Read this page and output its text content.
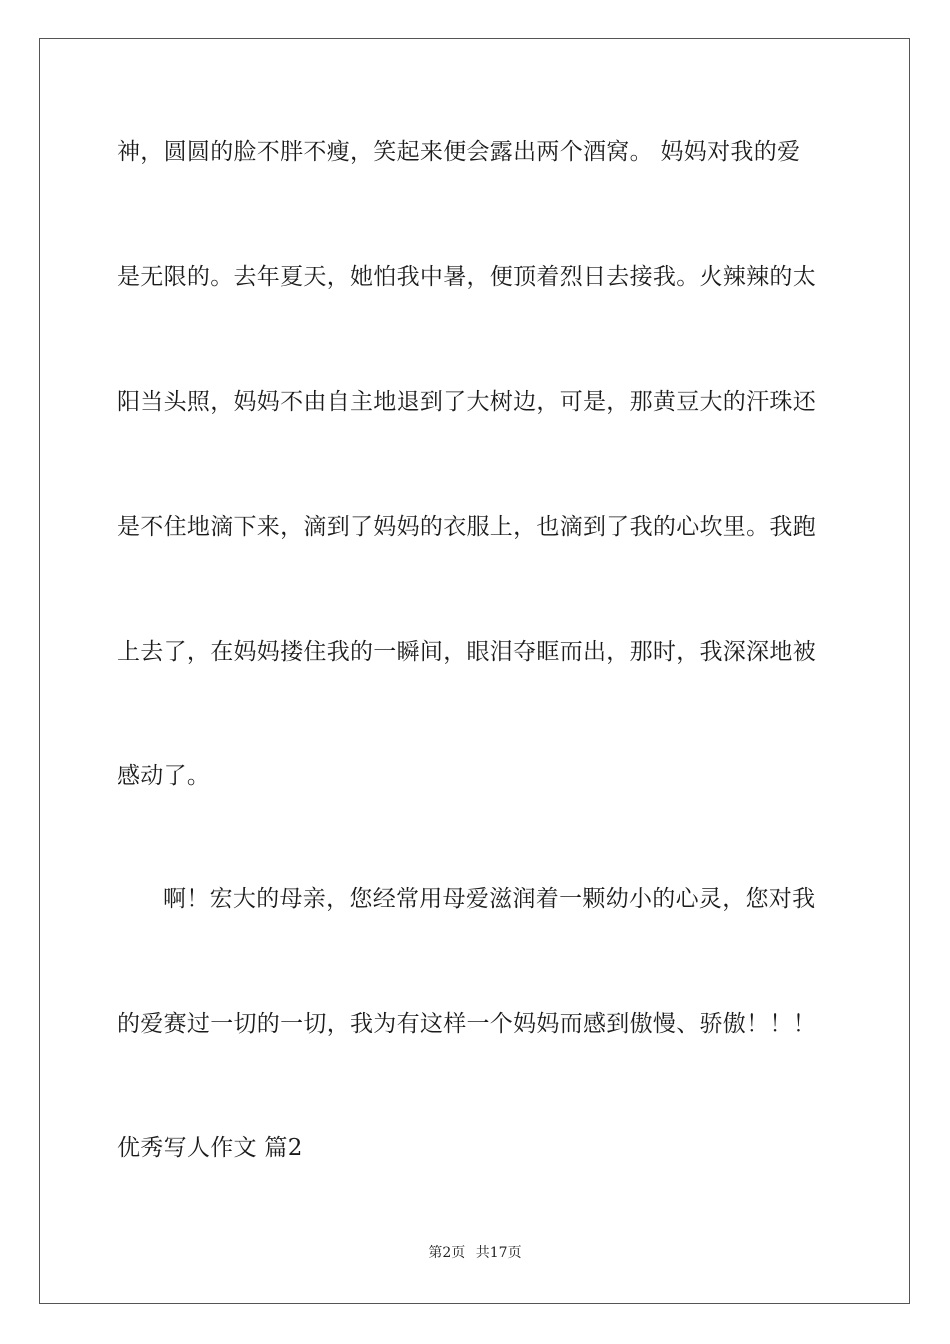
神，圆圆的脸不胖不瘦，笑起来便会露出两个酒窝。 妈妈对我的爱
是无限的。去年夏天，她怕我中暑，便顶着烈日去接我。火辣辣的太
阳当头照，妈妈不由自主地退到了大树边，可是，那黄豆大的汗珠还
是不住地滴下来，滴到了妈妈的衣服上，也滴到了我的心坎里。我跑
上去了，在妈妈搂住我的一瞬间，眼泪夺眶而出，那时，我深深地被
感动了。
啊！宏大的母亲，您经常用母爱滋润着一颗幼小的心灵，您对我
的爱赛过一切的一切，我为有这样一个妈妈而感到傲慢、骄傲！！！
优秀写人作文 篇2
第2页 共17页
